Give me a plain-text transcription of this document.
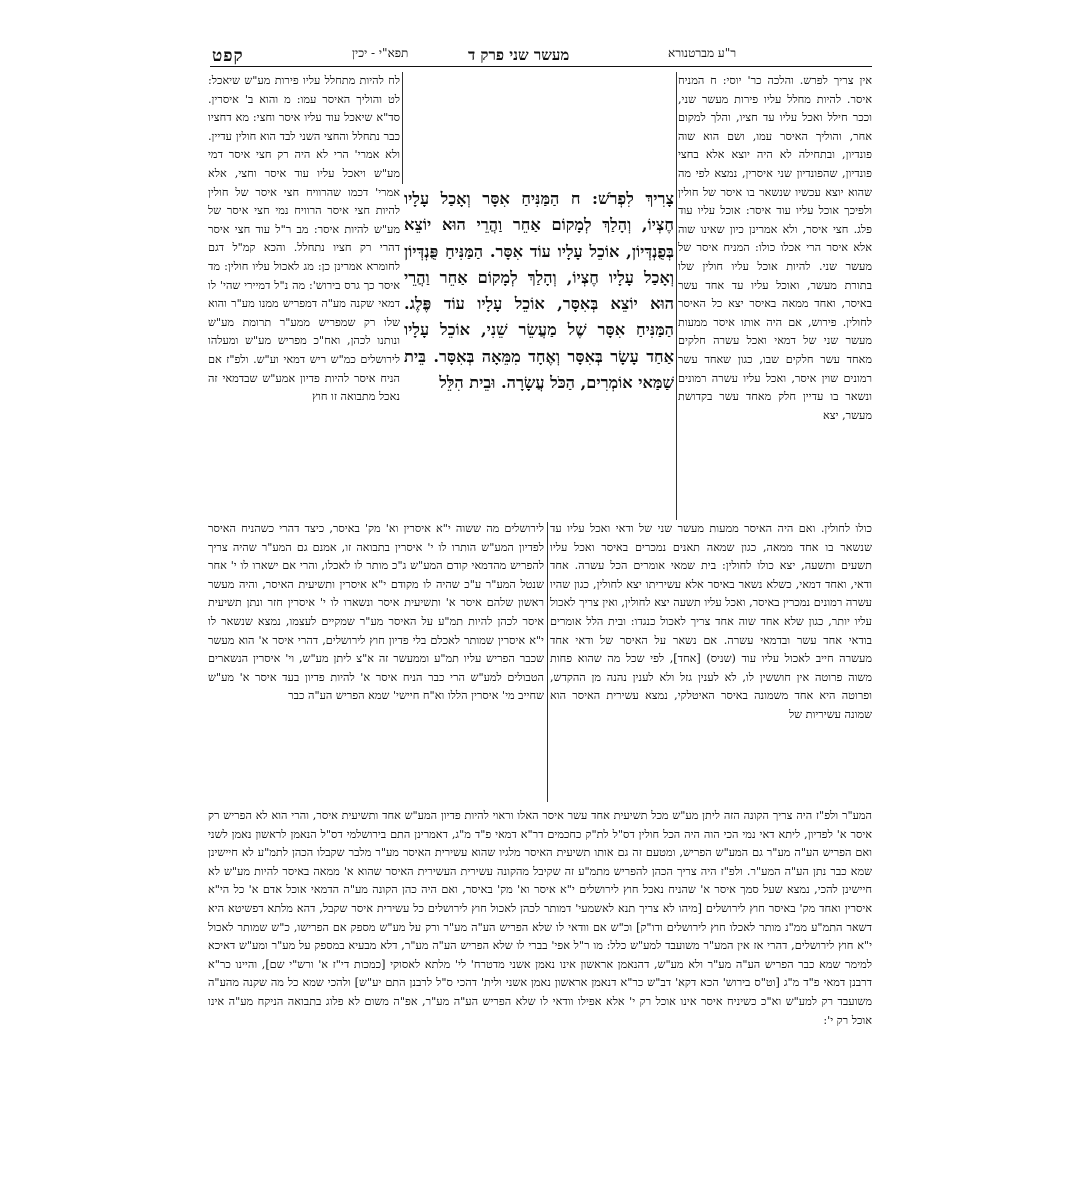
קפט	תפא"י - יכין	מעשר שני פרק ד	ר"ע מברטנורא

לח להיות מתחלל עליו פירות מע"ש שיאכל: לט והוליך האיסר עמו: מ והוא ב' איסרין. סד"א שיאכל עוד עליו איסר וחצי: מא דחציו כבר נתחלל והחצי השני לבד הוא חולין עדיין. ולא אמרי' הרי לא היה רק חצי איסר דמי מע"ש ויאכל עליו עוד איסר וחצי, אלא אמרי' דכמו שהרוויח חצי איסר של חולין להיות חצי איסר הרוויח נמי חצי איסר של מע"ש להיות איסר: מב ר"ל עוד חצי איסר דהרי רק חציו נתחלל. והכא קמ"ל דגם לחומרא אמרינן כן: מג לאכול עליו חולין: מד איסר כך גרס בירוש': מה נ"ל דמיירי שהי' לו דמאי שקנה מע"ה דמפריש ממנו מע"ר והוא שלו רק שמפריש ממע"ר תרומת מע"ש ונותנו לכהן, ואח"כ מפריש מע"ש ומעלהו לירושלים כמ"ש ריש דמאי וע"ש. ולפ"ז אם הניח איסר להיות פדיון אמע"ש שבדמאי זה נאכל מתבואה זו חוץ

צָרִיךְ לִפְרֹשׁ: ח הַמַּנִּיחַ אִסָּר וְאָכַל עָלָיו חֶצְיוֹ, וְהָלַךְ לְמָקוֹם אַחֵר וַהֲרֵי הוּא יוֹצֵא בְּפֻנְדְּיוֹן, אוֹכֵל עָלָיו עוֹד אִסָּר. הַמַּנִּיחַ פֻּנְדְּיוֹן וְאָכַל עָלָיו חֶצְיוֹ, וְהָלַךְ לְמָקוֹם אַחֵר וַהֲרֵי הוּא יוֹצֵא בְּאִסָּר, אוֹכֵל עָלָיו עוֹד פֶּלֶג. הַמַּנִּיחַ אִסָּר שֶׁל מַעֲשֵׂר שֵׁנִי, אוֹכֵל עָלָיו אַחַד עָשָׂר בְּאִסָּר וְאֶחָד מִמֵּאָה בְּאִסָּר. בֵּית שַׁמַּאי אוֹמְרִים, הַכֹּל עֲשָׂרָה. וּבֵית הִלֵּל

אין צריך לפרש. והלכה כר' יוסי: ח המניח איסר. להיות מחלל עליו פירות מעשר שני, וככר חילל ואכל עליו עד חציו, והלך למקום אחר, והוליך האיסר עמו, ושם הוא שוה פונדיון, ובתחילה לא היה יוצא אלא בחצי פונדיון, שהפונדיון שני איסרין, נמצא לפי מה שהוא יוצא עכשיו שנשאר בו איסר של חולין ולפיכך אוכל עליו עוד איסר: אוכל עליו עוד פלג. חצי איסר, ולא אמרינן כיון שאינו שוה אלא איסר הרי אכלו כולו: המניח איסר של מעשר שני. להיות אוכל עליו חולין שלו בתורת מעשר, ואוכל עליו עד אחד עשר באיסר, ואחד ממאה באיסר יצא כל האיסר לחולין. פירוש, אם היה אותו איסר ממעות מעשר שני של דמאי ואכל עשרה חלקים מאחד עשר חלקים שבו, כגון שאחד עשר רמונים שוין איסר, ואכל עליו עשרה רמונים ונשאר בו עדיין חלק מאחד עשר בקדושת מעשר, יצא

לירושלים מה ששוה י"א איסרין וא' מק' באיסר, כיצד דהרי כשהניח האיסר לפדיון המע"ש הותרו לו י' איסרין בתבואה זו, אמנם גם המע"ר שהיה צריך להפריש מהדמאי קודם המע"ש ג"כ מותר לו לאכלו, והרי אם ישארו לו י' אחר שנטל המע"ר ע"כ שהיה לו מקודם י"א איסרין ותשיעית האיסר, והיה מעשר ראשון שלהם איסר א' ותשיעית איסר ונשארו לו י' איסרין חזר ונתן תשיעית איסר לכהן להיות תמ"ע על האיסר מע"ר שמקיים לעצמו, נמצא שנשאר לו י"א איסרין שמותר לאכלם בלי פדיון חוץ לירושלים, דהרי איסר א' הוא מעשר שכבר הפריש עליו תמ"ע וממעשר זה א"צ ליתן מע"ש, וי' איסרין הנשארים הטבולים למע"ש הרי כבר הניח איסר א' להיות פדיון בעד איסר א' מע"ש שחייב מי' איסרין הללו וא"ח חיישי' שמא הפריש הע"ה כבר

כולו לחולין. ואם היה האיסר ממעות מעשר שני של ודאי ואכל עליו עד שנשאר בו אחד ממאה, כגון שמאה תאנים נמכרים באיסר ואכל עליו תשעים ותשעה, יצא כולו לחולין: בית שמאי אומרים הכל עשרה. אחד ודאי, ואחד דמאי, כשלא נשאר באיסר אלא עשיריתו יצא לחולין, כגון שהיו עשרה רמונים נמכרין באיסר, ואכל עליו תשעה יצא לחולין, ואין צריך לאכול עליו יותר, כגון שלא אחד שוה אחד צריך לאכול כנגדו: ובית הלל אומרים בודאי אחד עשר ובדמאי עשרה. אם נשאר על האיסר של ודאי אחד מעשרה חייב לאכול עליו עוד (שניס) [אחד], לפי שכל מה שהוא פחות משוה פרוטה אין חוששין לו, לא לענין גזל ולא לענין נהנה מן ההקדש, ופרוטה היא אחד משמונה באיסר האיטלקי, נמצא עשירית האיסר הוא שמונה עשיריות של

המע"ר ולפ"ז היה צריך הקונה הזה ליתן מע"ש מכל תשיעית אחד עשר איסר האלו וראוי להיות פדיון המע"ש אחד ותשיעית איסר, והרי הוא לא הפריש רק איסר א' לפדיון, ליתא דאי נמי הכי הוה היה הכל חולין דס"ל לת"ק כחכמים דר"א דמאי פ"ד מ"ג, דאמרינן התם בירושלמי דס"ל הנאמן לראשון נאמן לשני ואם הפריש הע"ה מע"ר גם המע"ש הפריש, ומטעם זה גם אותו תשיעית האיסר מלגיו שהוא עשירית האיסר מע"ר מלבר שקבלו הכהן לתמ"ע לא חיישינן שמא כבר נתן הע"ה המע"ר. ולפ"ז היה צריך הכהן להפריש מתמ"ע זה שקיבל מהקונה עשירית העשירית האיסר שהוא א' ממאה באיסר להיות מע"ש לא חיישינן להכי, נמצא שעל סמך איסר א' שהניח נאכל חוץ לירושלים י"א איסר וא' מק' באיסר, ואם היה כהן הקונה מע"ה הדמאי אוכל אדם א' כל הי"א איסרין ואחד מק' באיסר חוץ לירושלים [מיהו לא צריך תנא לאשמעי' דמותר לכהן לאכול חוץ לירושלים כל עשירית איסר שקבל, דהא מלתא דפשיטא היא דשאר התמ"ע ממ"נ מותר לאכלו חוץ לירושלים ודו"ק] וכ"ש אם וודאי לו שלא הפריש הע"ה מע"ר ורק על מע"ש מספק אם הפרישו, כ"ש שמותר לאכול י"א חוץ לירושלים, דהרי אז אין המע"ר משועבד למע"ש כלל: מו ר"ל אפי' בברי לו שלא הפריש הע"ה מע"ר, דלא מבעיא במספק על מע"ר ומע"ש דאיכא למימר שמא כבר הפריש הע"ה מע"ר ולא מע"ש, דהנאמן אראשון אינו נאמן אשני מדטרח' לי' מלתא לאסוקי [כמכות די"ז א' ורש"י שם], והיינו כר"א דרבנן דמאי פ"ד מ"ג [וט"ס בירוש' הכא דקא' דב"ש כר"א דנאמן אראשון נאמן אשני ולית' דהכי ס"ל לרבנן התם יע"ש] ולהכי שמא כל מה שקנה מהע"ה משועבד רק למע"ש וא"כ כשיניח איסר אינו אוכל רק י' אלא אפילו וודאי לו שלא הפריש הע"ה מע"ר, אפ"ה משום לא פלוג בתבואה הניקח מע"ה אינו אוכל רק י':
